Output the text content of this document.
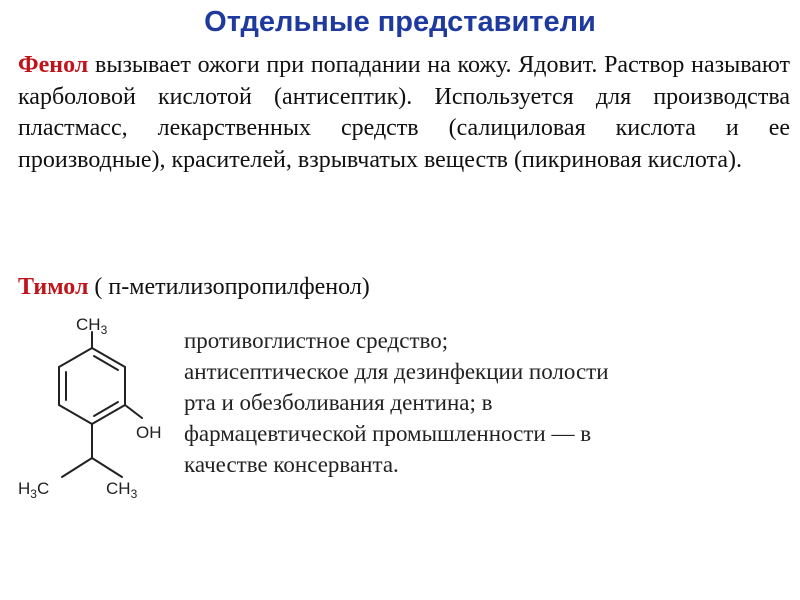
Отдельные представители
Фенол вызывает ожоги при попадании на кожу. Ядовит. Раствор называют карболовой кислотой (антисептик). Используется для производства пластмасс, лекарственных средств (салициловая кислота и ее производные), красителей, взрывчатых веществ (пикриновая кислота).
Тимол ( п-метилизопропилфенол)
$CH_3$
OH
$H_3C$	$CH_3$

противоглистное средство;

антисептическое для дезинфекции полости

рта и обезболивания дентина; в

фармацевтической промышленности — в

качестве консерванта.
